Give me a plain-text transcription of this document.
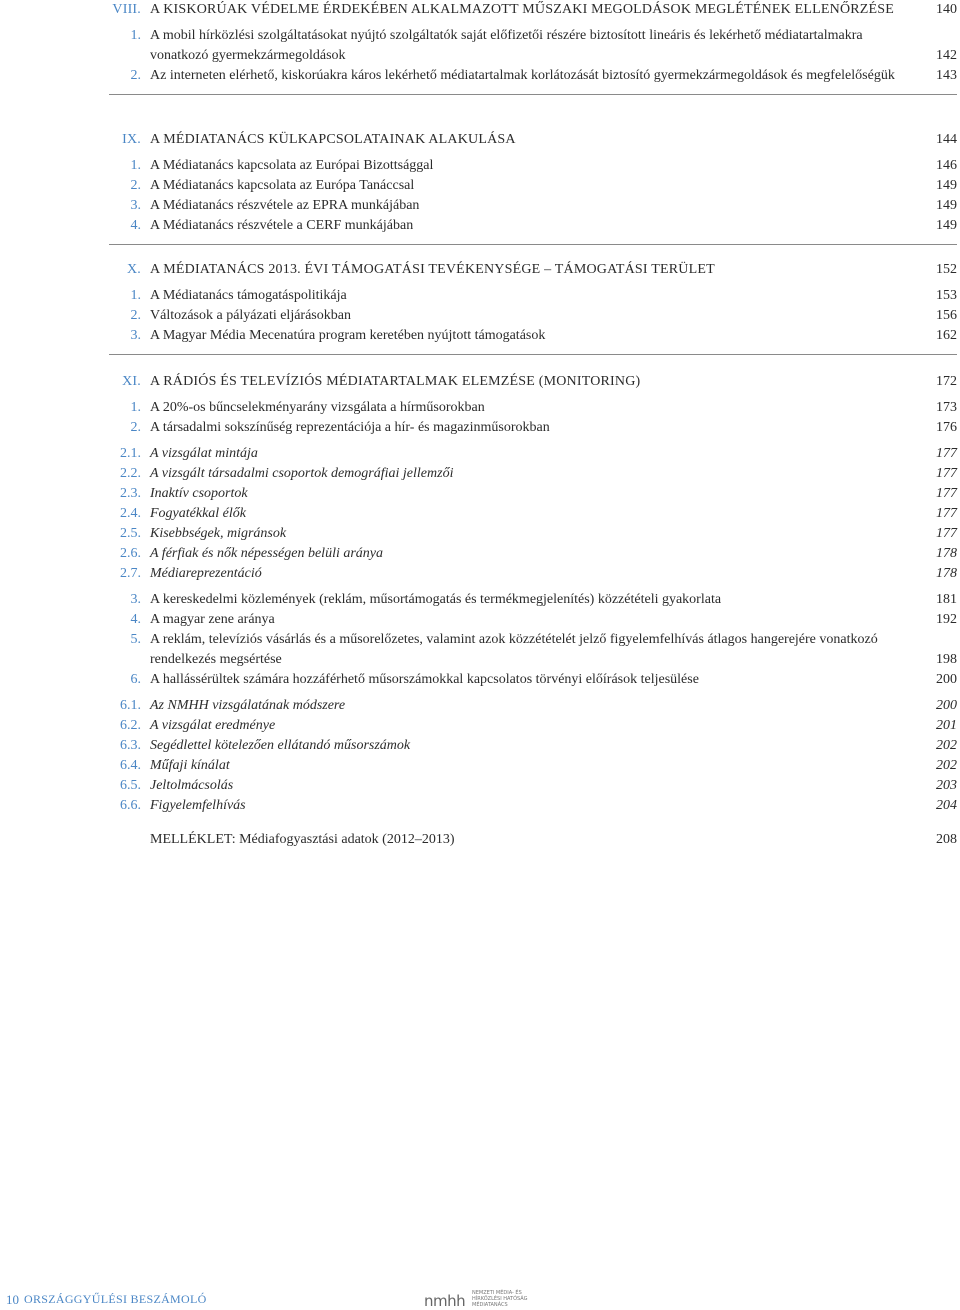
VIII. A KISKORÚAK VÉDELME ÉRDEKÉBEN ALKALMAZOTT MŰSZAKI MEGOLDÁSOK MEGLÉTÉNEK ELLENŐRZÉSE	140
1. A mobil hírközlési szolgáltatásokat nyújtó szolgáltatók saját előfizetői részére biztosított lineáris és lekérhető médiatartalmakra vonatkozó gyermekzármegoldások	142
2. Az interneten elérhető, kiskorúakra káros lekérhető médiatartalmak korlátozását biztosító gyermekzármegoldások és megfelelőségük	143
IX. A MÉDIATANÁCS KÜLKAPCSOLATAINAK ALAKULÁSA	144
1. A Médiatanács kapcsolata az Európai Bizottsággal	146
2. A Médiatanács kapcsolata az Európa Tanáccsal	149
3. A Médiatanács részvétele az EPRA munkájában	149
4. A Médiatanács részvétele a CERF munkájában	149
X. A MÉDIATANÁCS 2013. ÉVI TÁMOGATÁSI TEVÉKENYSÉGE – TÁMOGATÁSI TERÜLET	152
1. A Médiatanács támogatáspolitikája	153
2. Változások a pályázati eljárásokban	156
3. A Magyar Média Mecenatúra program keretében nyújtott támogatások	162
XI. A RÁDIÓS ÉS TELEVÍZIÓS MÉDIATARTALMAK ELEMZÉSE (MONITORING)	172
1. A 20%-os bűncselekményarány vizsgálata a hírműsorokban	173
2. A társadalmi sokszínűség reprezentációja a hír- és magazinműsorokban	176
2.1. A vizsgálat mintája	177
2.2. A vizsgált társadalmi csoportok demográfiai jellemzői	177
2.3. Inaktív csoportok	177
2.4. Fogyatékkal élők	177
2.5. Kisebbségek, migránsok	177
2.6. A férfiak és nők népességen belüli aránya	178
2.7. Médiareprezentáció	178
3. A kereskedelmi közlemények (reklám, műsortámogatás és termékmegjelenítés) közzétételi gyakorlata	181
4. A magyar zene aránya	192
5. A reklám, televíziós vásárlás és a műsorelőzetes, valamint azok közzétételét jelző figyelemfelhívás átlagos hangerejére vonatkozó rendelkezés megsértése	198
6. A hallássérültek számára hozzáférhető műsorszámokkal kapcsolatos törvényi előírások teljesülése	200
6.1. Az NMHH vizsgálatának módszere	200
6.2. A vizsgálat eredménye	201
6.3. Segédlettel kötelezően ellátandó műsorszámok	202
6.4. Műfaji kínálat	202
6.5. Jeltolmácsolás	203
6.6. Figyelemfelhívás	204
MELLÉKLET: Médiafogyasztási adatok (2012–2013)	208
10 ORSZÁGGYŰLÉSI BESZÁMOLÓ	nmhh NEMZETI MÉDIA- ÉS HÍRKÖZLÉSI HATÓSÁG MÉDIATANÁCS
